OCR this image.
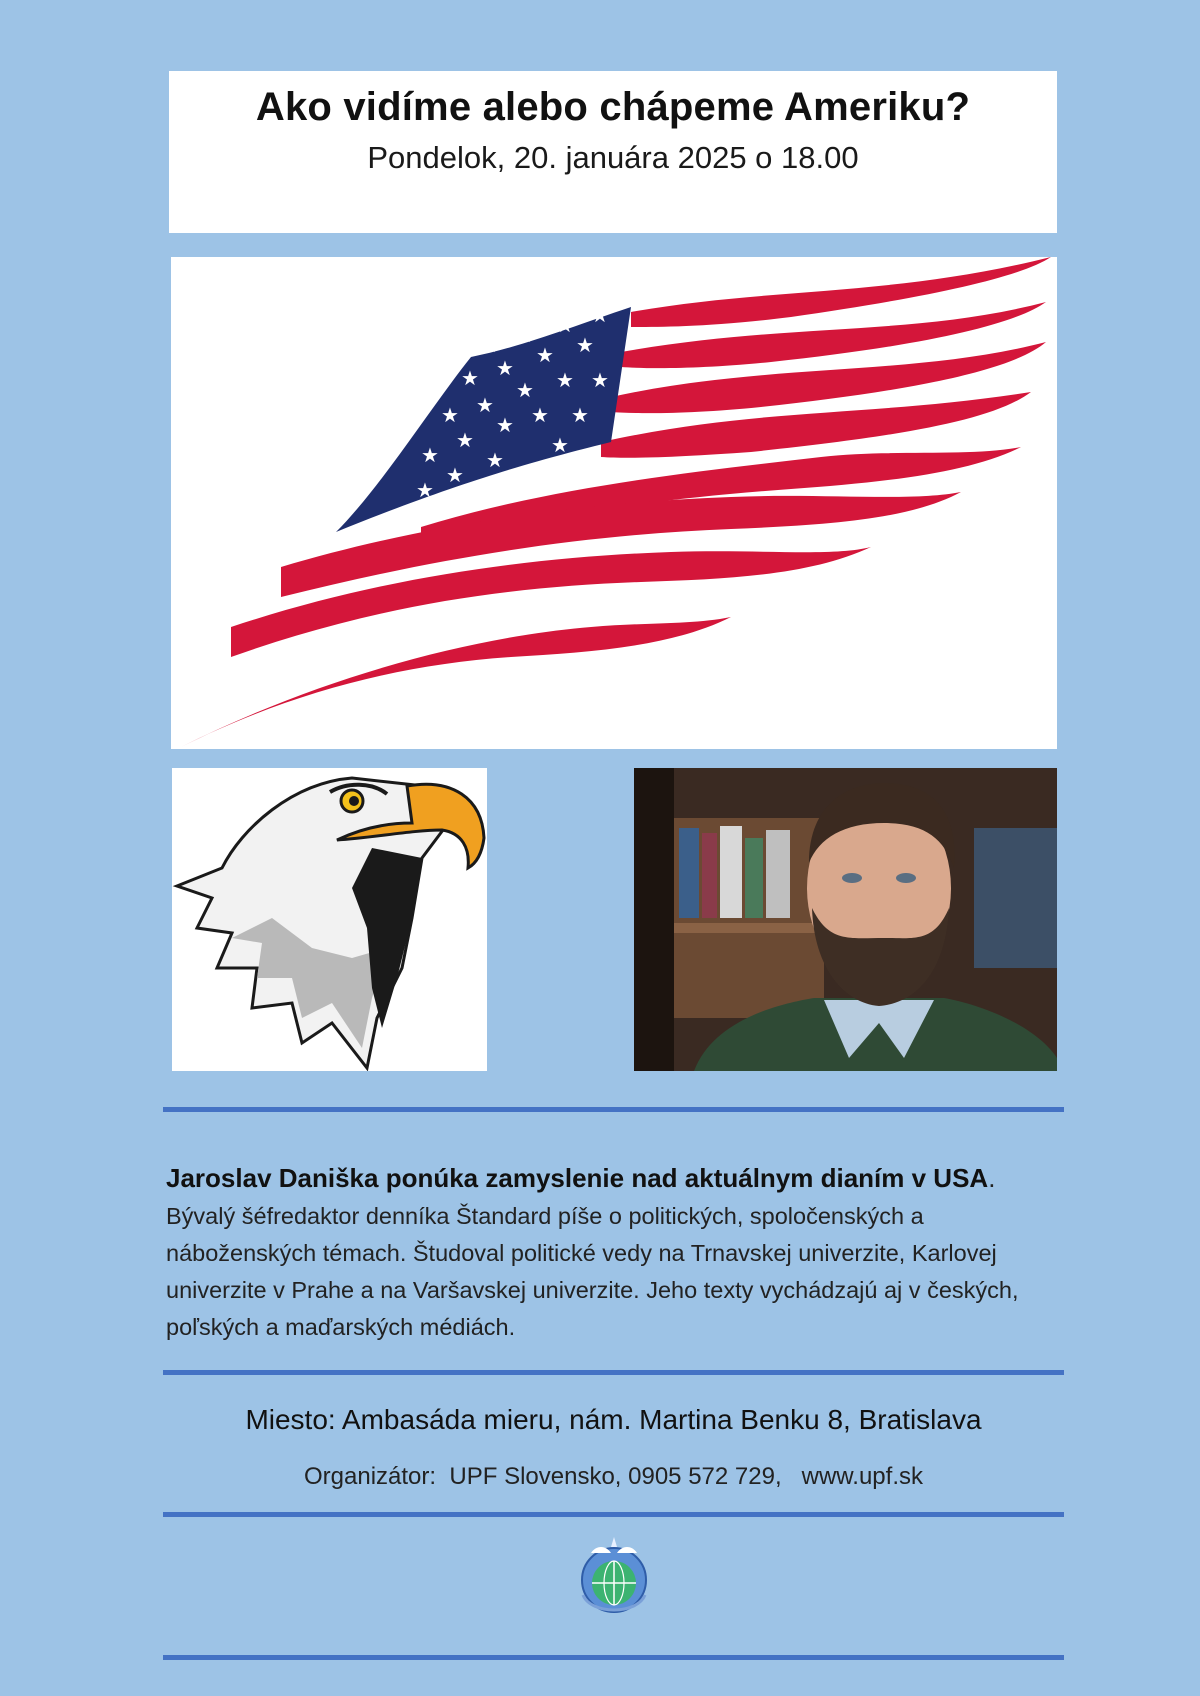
Ako vidíme alebo chápeme Ameriku?
Pondelok, 20. januára 2025 o 18.00
★
★
★
★
★
★ ★
★ ★
★ ★
★ ★
★ ★
★ ★ ★ ★
★
★
★
Jaroslav Daniška ponúka zamyslenie nad aktuálnym dianím v USA.
Bývalý šéfredaktor denníka Štandard píše o politických, spoločenských a náboženských témach. Študoval politické vedy na Trnavskej univerzite, Karlovej univerzite v Prahe a na Varšavskej univerzite. Jeho texty vychádzajú aj v českých, poľských a maďarských médiách.
Miesto: Ambasáda mieru, nám. Martina Benku 8, Bratislava
Organizátor:  UPF Slovensko, 0905 572 729,   www.upf.sk
